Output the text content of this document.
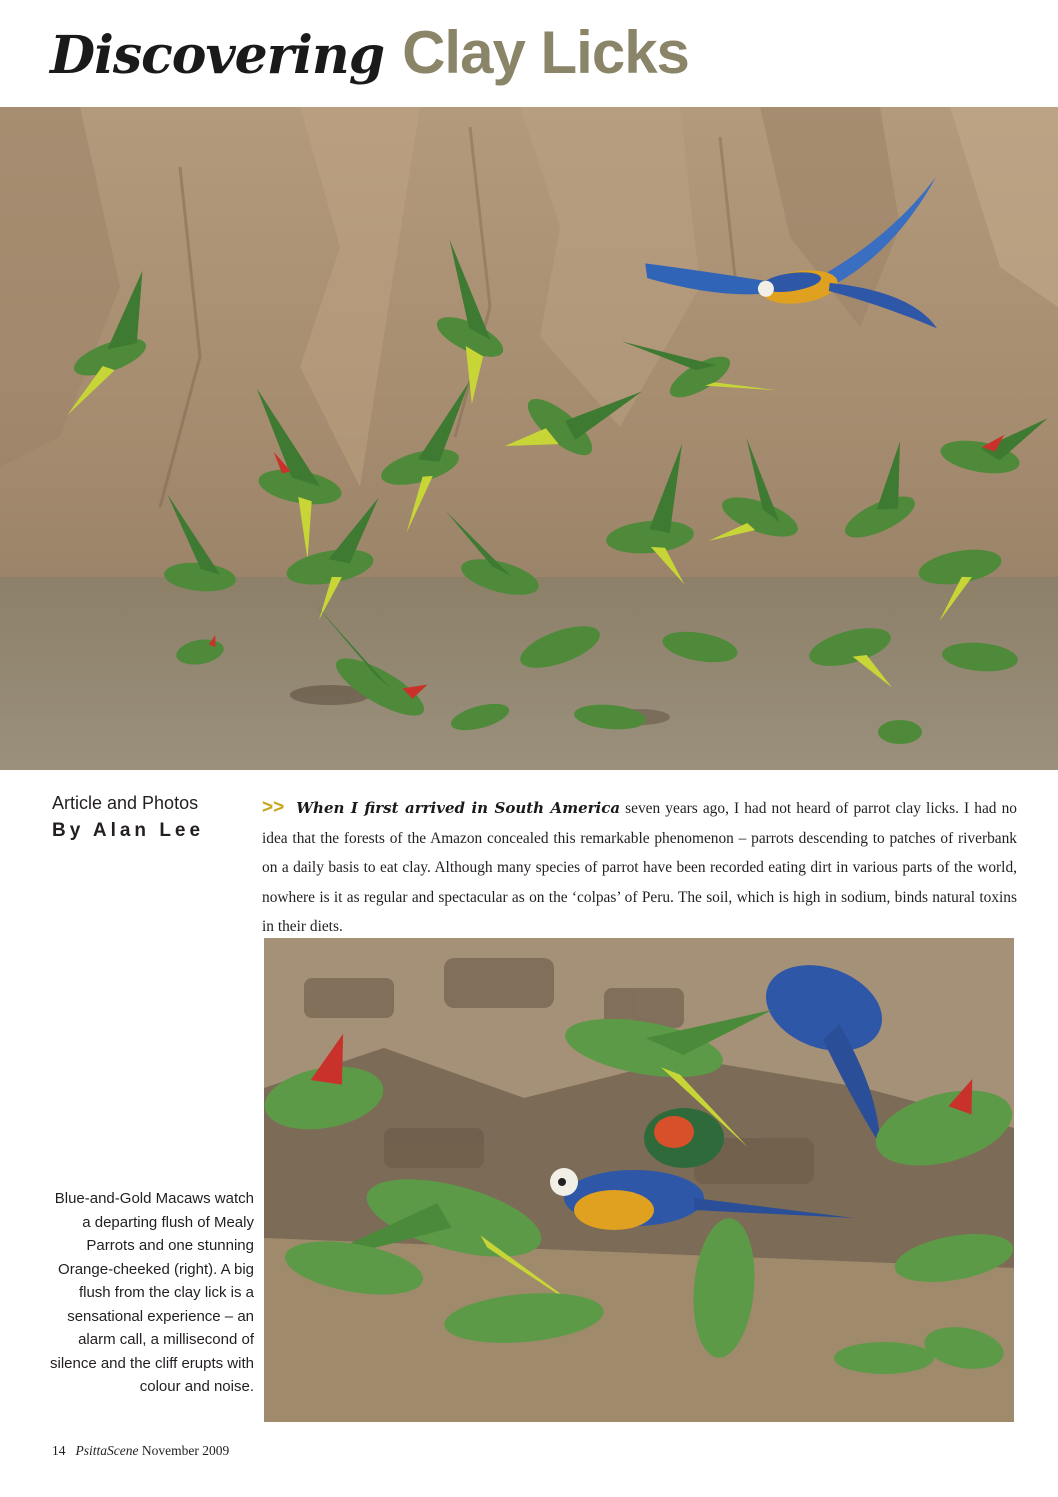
Discovering Clay Licks
Article and Photos
By Alan Lee

>> When I first arrived in South America seven years ago, I had not heard of parrot clay licks. I had no idea that the forests of the Amazon concealed this remarkable phenomenon – parrots descending to patches of riverbank on a daily basis to eat clay. Although many species of parrot have been recorded eating dirt in various parts of the world, nowhere is it as regular and spectacular as on the ‘colpas’ of Peru. The soil, which is high in sodium, binds natural toxins in their diets.

Blue-and-Gold Macaws watch a departing flush of Mealy Parrots and one stunning Orange-cheeked (right). A big flush from the clay lick is a sensational experience – an alarm call, a millisecond of silence and the cliff erupts with colour and noise.

14 PsittaScene November 2009
